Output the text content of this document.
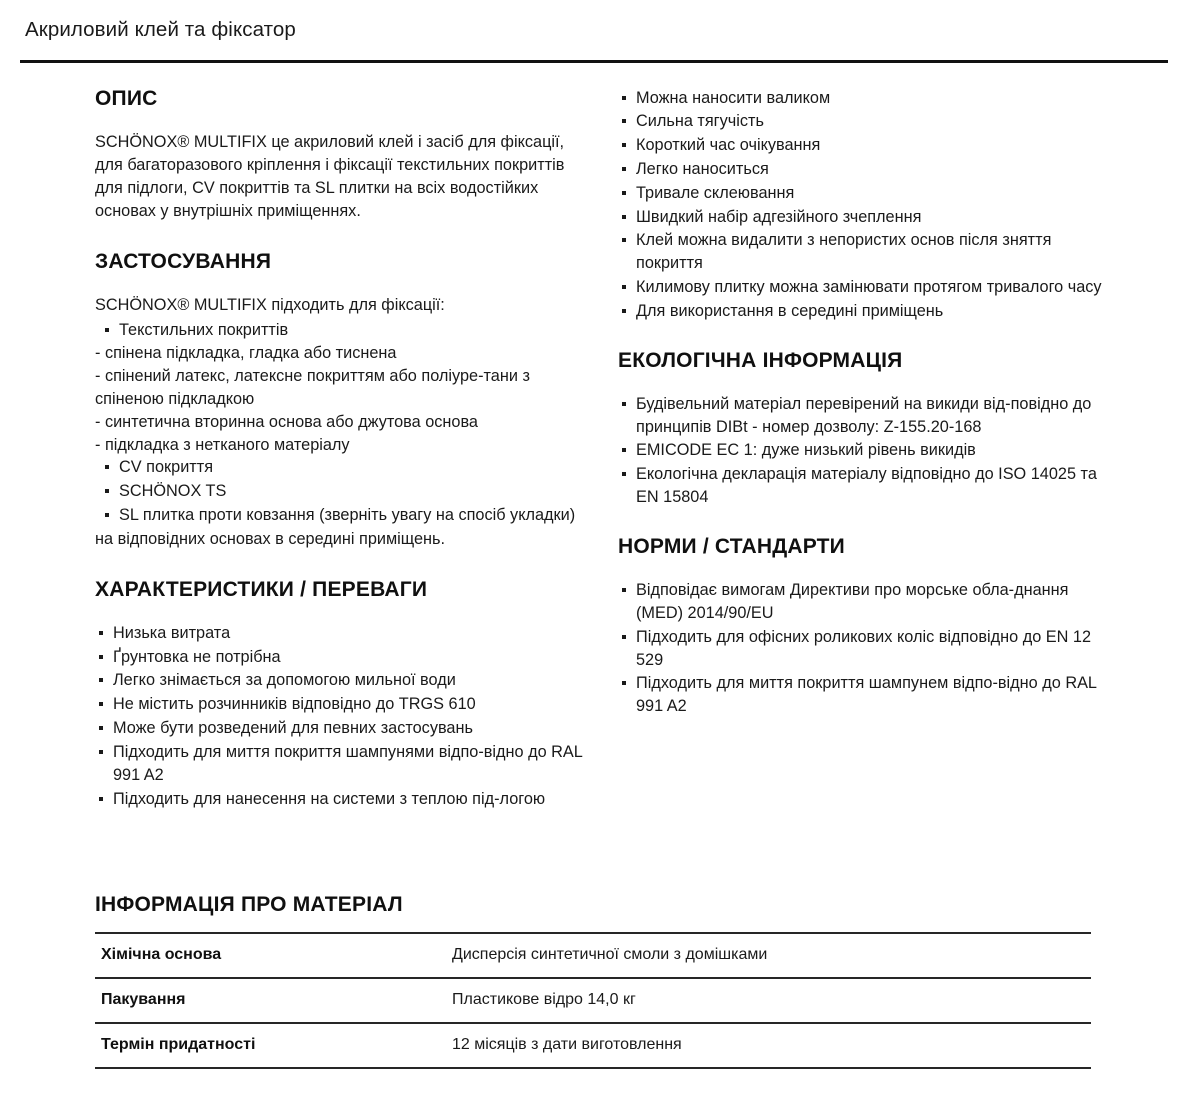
Акриловий клей та фіксатор
ОПИС

SCHÖNOX® MULTIFIX це акриловий клей і засіб для фіксації, для багаторазового кріплення і фіксації текстильних покриттів для підлоги, CV покриттів та SL плитки на всіх водостійких основах у внутрішніх приміщеннях.

ЗАСТОСУВАННЯ

SCHÖNOX® MULTIFIX підходить для фіксації:

Текстильних покриттів

- спінена підкладка, гладка або тиснена

- спінений латекс, латексне покриттям або поліуре-тани з спіненою підкладкою

- синтетична вторинна основа або джутова основа

- підкладка з нетканого матеріалу

CV покриття
SCHÖNOX TS
SL плитка проти ковзання (зверніть увагу на спосіб укладки)

на відповідних основах в середині приміщень.

ХАРАКТЕРИСТИКИ / ПЕРЕВАГИ
Низька витрата
Ґрунтовка не потрібна
Легко знімається за допомогою мильної води
Не містить розчинників відповідно до TRGS 610
Може бути розведений для певних застосувань
Підходить для миття покриття шампунями відпо-відно до RAL 991 A2
Підходить для нанесення на системи з теплою під-логою
Можна наносити валиком
Сильна тягучість
Короткий час очікування
Легко наноситься
Тривале склеювання
Швидкий набір адгезійного зчеплення
Клей можна видалити з непористих основ після зняття покриття
Килимову плитку можна замінювати протягом тривалого часу
Для використання в середині приміщень
ЕКОЛОГІЧНА ІНФОРМАЦІЯ
Будівельний матеріал перевірений на викиди від-повідно до принципів DIBt - номер дозволу: Z-155.20-168
EMICODE EC 1: дуже низький рівень викидів
Екологічна декларація матеріалу відповідно до ISO 14025 та EN 15804
НОРМИ / СТАНДАРТИ
Відповідає вимогам Директиви про морське обла-днання (MED) 2014/90/EU
Підходить для офісних роликових коліс відповідно до EN 12 529
Підходить для миття покриття шампунем відпо-відно до RAL 991 A2
ІНФОРМАЦІЯ ПРО МАТЕРІАЛ
Хімічна основа	Дисперсія синтетичної смоли з домішками
Пакування	Пластикове відро 14,0 кг
Термін придатності	12 місяців з дати виготовлення
